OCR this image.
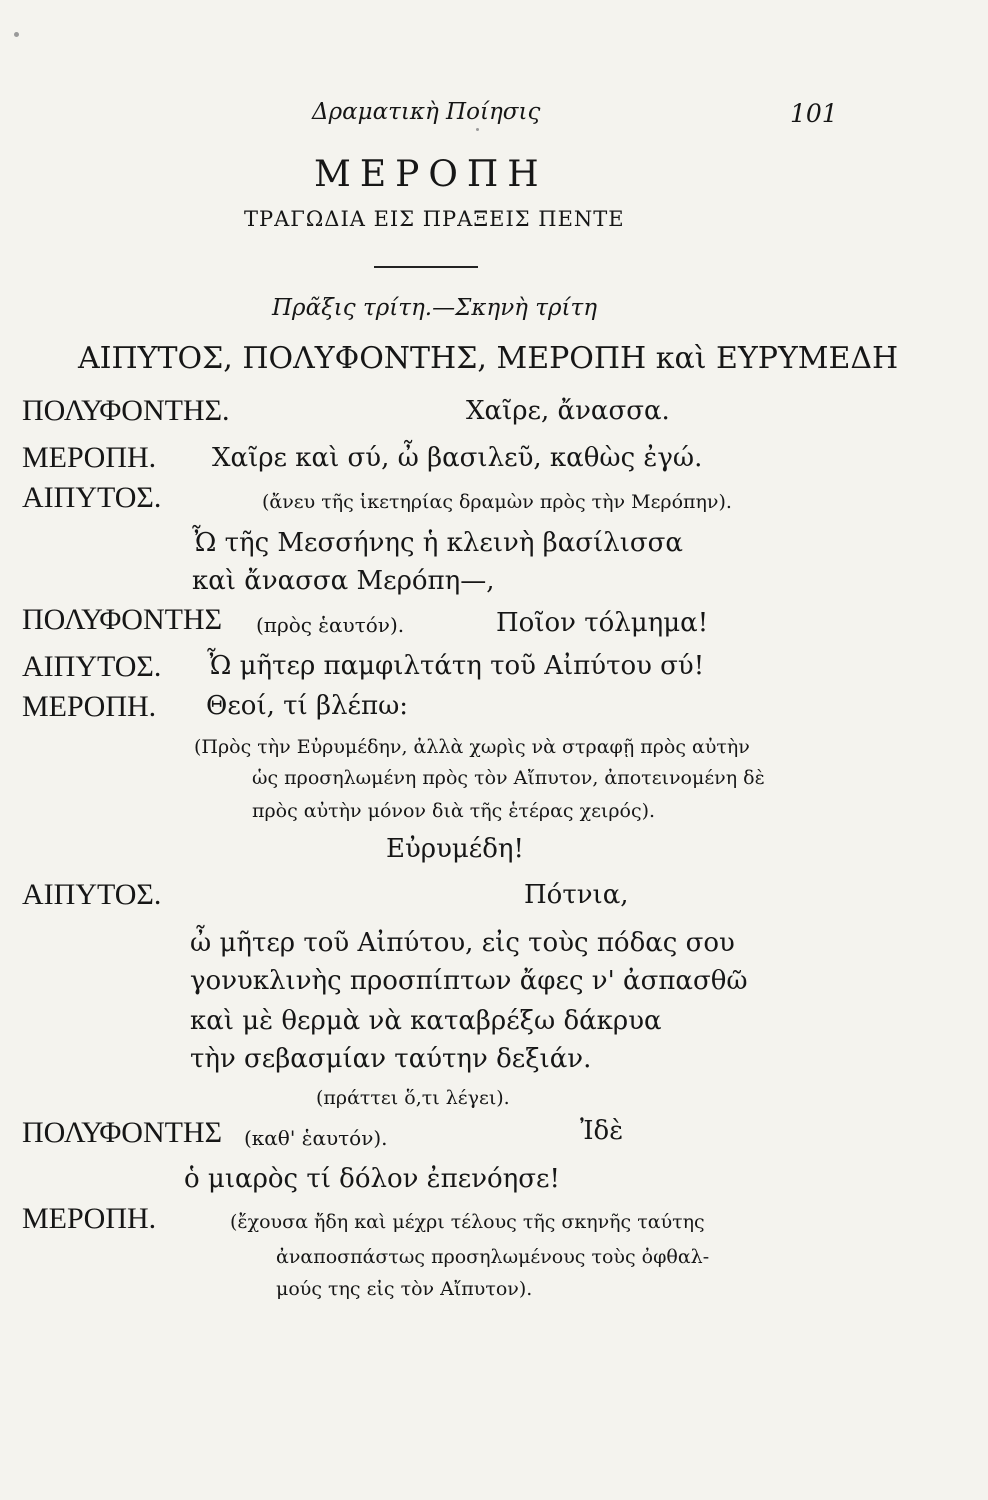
Δραματικὴ Ποίησις	101
ΜΕΡΟΠΗ
ΤΡΑΓΩΔΙΑ ΕΙΣ ΠΡΑΞΕΙΣ ΠΕΝΤΕ
Πρᾶξις τρίτη.—Σκηνὴ τρίτη
ΑΙΠΥΤΟΣ, ΠΟΛΥΦΟΝΤΗΣ, ΜΕΡΟΠΗ καὶ ΕΥΡΥΜΕΔΗ
ΠΟΛΥΦΟΝΤΗΣ.	Χαῖρε, ἄνασσα.
ΜΕΡΟΠΗ. Χαῖρε καὶ σύ, ὦ βασιλεῦ, καθὼς ἐγώ.
ΑΙΠΥΤΟΣ.	(ἄνευ τῆς ἱκετηρίας δραμὼν πρὸς τὴν Μερόπην).
Ὦ τῆς Μεσσήνης ἡ κλεινὴ βασίλισσα
καὶ ἄνασσα Μερόπη—,
ΠΟΛΥΦΟΝΤΗΣ (πρὸς ἑαυτόν).	Ποῖον τόλμημα!
ΑΙΠΥΤΟΣ. Ὦ μῆτερ παμφιλτάτη τοῦ Αἰπύτου σύ!
ΜΕΡΟΠΗ. Θεοί, τί βλέπω:
(Πρὸς τὴν Εὐρυμέδην, ἀλλὰ χωρὶς νὰ στραφῇ πρὸς αὐτὴν
ὡς προσηλωμένη πρὸς τὸν Αἴπυτον, ἀποτεινομένη δὲ
πρὸς αὐτὴν μόνον διὰ τῆς ἑτέρας χειρός).
Εὐρυμέδη!
ΑΙΠΥΤΟΣ.	Πότνια,
ὦ μῆτερ τοῦ Αἰπύτου, εἰς τοὺς πόδας σου
γονυκλινὴς προσπίπτων ἄφες ν' ἀσπασθῶ
καὶ μὲ θερμὰ νὰ καταβρέξω δάκρυα
τὴν σεβασμίαν ταύτην δεξιάν.
(πράττει ὅ,τι λέγει).
ΠΟΛΥΦΟΝΤΗΣ (καθ' ἑαυτόν).	Ἰδὲ
ὁ μιαρὸς τί δόλον ἐπενόησε!
ΜΕΡΟΠΗ.	(ἔχουσα ἤδη καὶ μέχρι τέλους τῆς σκηνῆς ταύτης
ἀναποσπάστως προσηλωμένους τοὺς ὀφθαλ-
μούς της εἰς τὸν Αἴπυτον).
